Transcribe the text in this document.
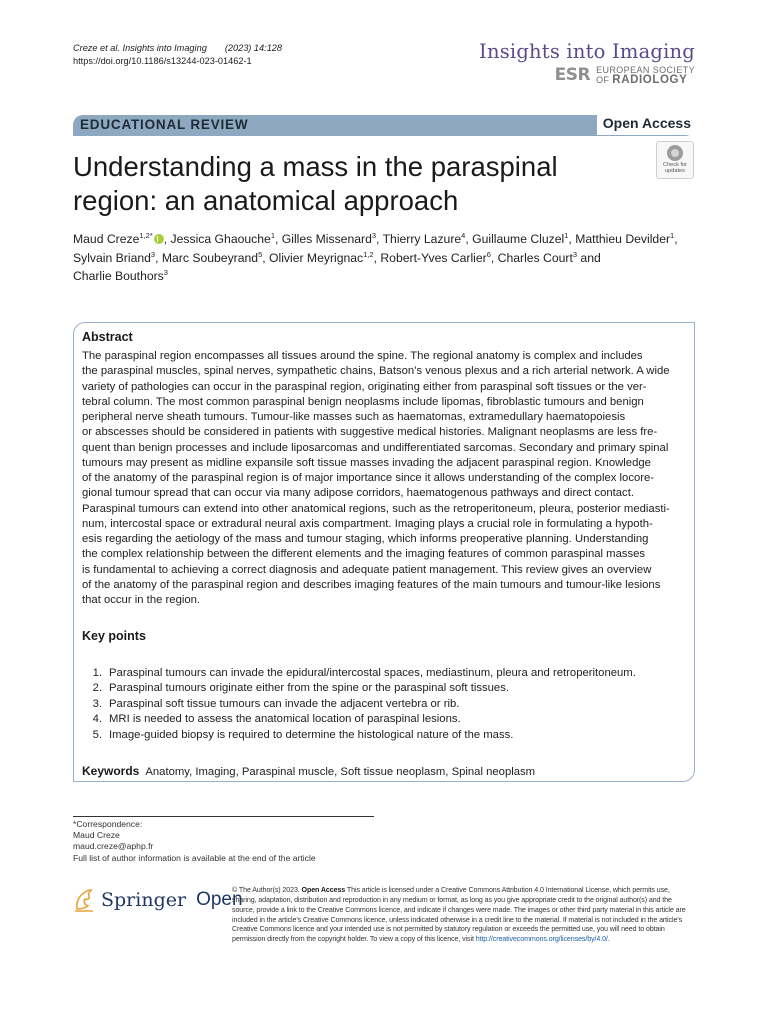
Creze et al. Insights into Imaging (2023) 14:128
https://doi.org/10.1186/s13244-023-01462-1	Insights into Imaging
ESR EUROPEAN SOCIETY
OF RADIOLOGY
EDUCATIONAL REVIEW	Open Access
Understanding a mass in the paraspinal region: an anatomical approach
Check for
updates
Maud Creze$^{1,2*}$ , Jessica Ghaouche$^1$, Gilles Missenard$^3$, Thierry Lazure$^4$, Guillaume Cluzel$^1$, Matthieu Devilder$^1$,
Sylvain Briand$^3$, Marc Soubeyrand$^5$, Olivier Meyrignac$^{1,2}$, Robert-Yves Carlier$^6$, Charles Court$^3$ and
Charlie Bouthors$^3$
Abstract
The paraspinal region encompasses all tissues around the spine. The regional anatomy is complex and includes
the paraspinal muscles, spinal nerves, sympathetic chains, Batson’s venous plexus and a rich arterial network. A wide
variety of pathologies can occur in the paraspinal region, originating either from paraspinal soft tissues or the ver-
tebral column. The most common paraspinal benign neoplasms include lipomas, fibroblastic tumours and benign
peripheral nerve sheath tumours. Tumour-like masses such as haematomas, extramedullary haematopoiesis
or abscesses should be considered in patients with suggestive medical histories. Malignant neoplasms are less fre-
quent than benign processes and include liposarcomas and undifferentiated sarcomas. Secondary and primary spinal
tumours may present as midline expansile soft tissue masses invading the adjacent paraspinal region. Knowledge
of the anatomy of the paraspinal region is of major importance since it allows understanding of the complex locore-
gional tumour spread that can occur via many adipose corridors, haematogenous pathways and direct contact.
Paraspinal tumours can extend into other anatomical regions, such as the retroperitoneum, pleura, posterior mediasti-
num, intercostal space or extradural neural axis compartment. Imaging plays a crucial role in formulating a hypoth-
esis regarding the aetiology of the mass and tumour staging, which informs preoperative planning. Understanding
the complex relationship between the different elements and the imaging features of common paraspinal masses
is fundamental to achieving a correct diagnosis and adequate patient management. This review gives an overview
of the anatomy of the paraspinal region and describes imaging features of the main tumours and tumour-like lesions
that occur in the region.
Key points
1. Paraspinal tumours can invade the epidural/intercostal spaces, mediastinum, pleura and retroperitoneum.
2. Paraspinal tumours originate either from the spine or the paraspinal soft tissues.
3. Paraspinal soft tissue tumours can invade the adjacent vertebra or rib.
4. MRI is needed to assess the anatomical location of paraspinal lesions.
5. Image-guided biopsy is required to determine the histological nature of the mass.
Keywords Anatomy, Imaging, Paraspinal muscle, Soft tissue neoplasm, Spinal neoplasm
*Correspondence:
Maud Creze
maud.creze@aphp.fr
Full list of author information is available at the end of the article
Springer Open
© The Author(s) 2023. Open Access This article is licensed under a Creative Commons Attribution 4.0 International License, which permits use, sharing, adaptation, distribution and reproduction in any medium or format, as long as you give appropriate credit to the original author(s) and the source, provide a link to the Creative Commons licence, and indicate if changes were made. The images or other third party material in this article are included in the article’s Creative Commons licence, unless indicated otherwise in a credit line to the material. If material is not included in the article’s Creative Commons licence and your intended use is not permitted by statutory regulation or exceeds the permitted use, you will need to obtain permission directly from the copyright holder. To view a copy of this licence, visit http://creativecommons.org/licenses/by/4.0/.
